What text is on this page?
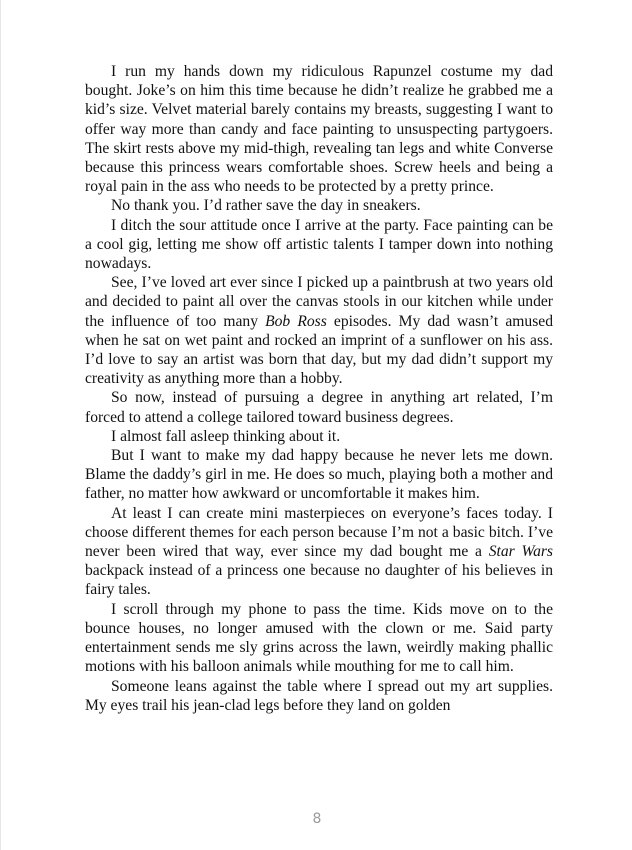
I run my hands down my ridiculous Rapunzel costume my dad bought. Joke’s on him this time because he didn’t realize he grabbed me a kid’s size. Velvet material barely contains my breasts, suggesting I want to offer way more than candy and face painting to unsuspecting partygoers. The skirt rests above my mid-thigh, revealing tan legs and white Converse because this princess wears comfortable shoes. Screw heels and being a royal pain in the ass who needs to be protected by a pretty prince.

No thank you. I’d rather save the day in sneakers.

I ditch the sour attitude once I arrive at the party. Face painting can be a cool gig, letting me show off artistic talents I tamper down into nothing nowadays.

See, I’ve loved art ever since I picked up a paintbrush at two years old and decided to paint all over the canvas stools in our kitchen while under the influence of too many Bob Ross episodes. My dad wasn’t amused when he sat on wet paint and rocked an imprint of a sunflower on his ass. I’d love to say an artist was born that day, but my dad didn’t support my creativity as anything more than a hobby.

So now, instead of pursuing a degree in anything art related, I’m forced to attend a college tailored toward business degrees.

I almost fall asleep thinking about it.

But I want to make my dad happy because he never lets me down. Blame the daddy’s girl in me. He does so much, playing both a mother and father, no matter how awkward or uncomfortable it makes him.

At least I can create mini masterpieces on everyone’s faces today. I choose different themes for each person because I’m not a basic bitch. I’ve never been wired that way, ever since my dad bought me a Star Wars backpack instead of a princess one because no daughter of his believes in fairy tales.

I scroll through my phone to pass the time. Kids move on to the bounce houses, no longer amused with the clown or me. Said party entertainment sends me sly grins across the lawn, weirdly making phallic motions with his balloon animals while mouthing for me to call him.

Someone leans against the table where I spread out my art supplies. My eyes trail his jean-clad legs before they land on golden

8
